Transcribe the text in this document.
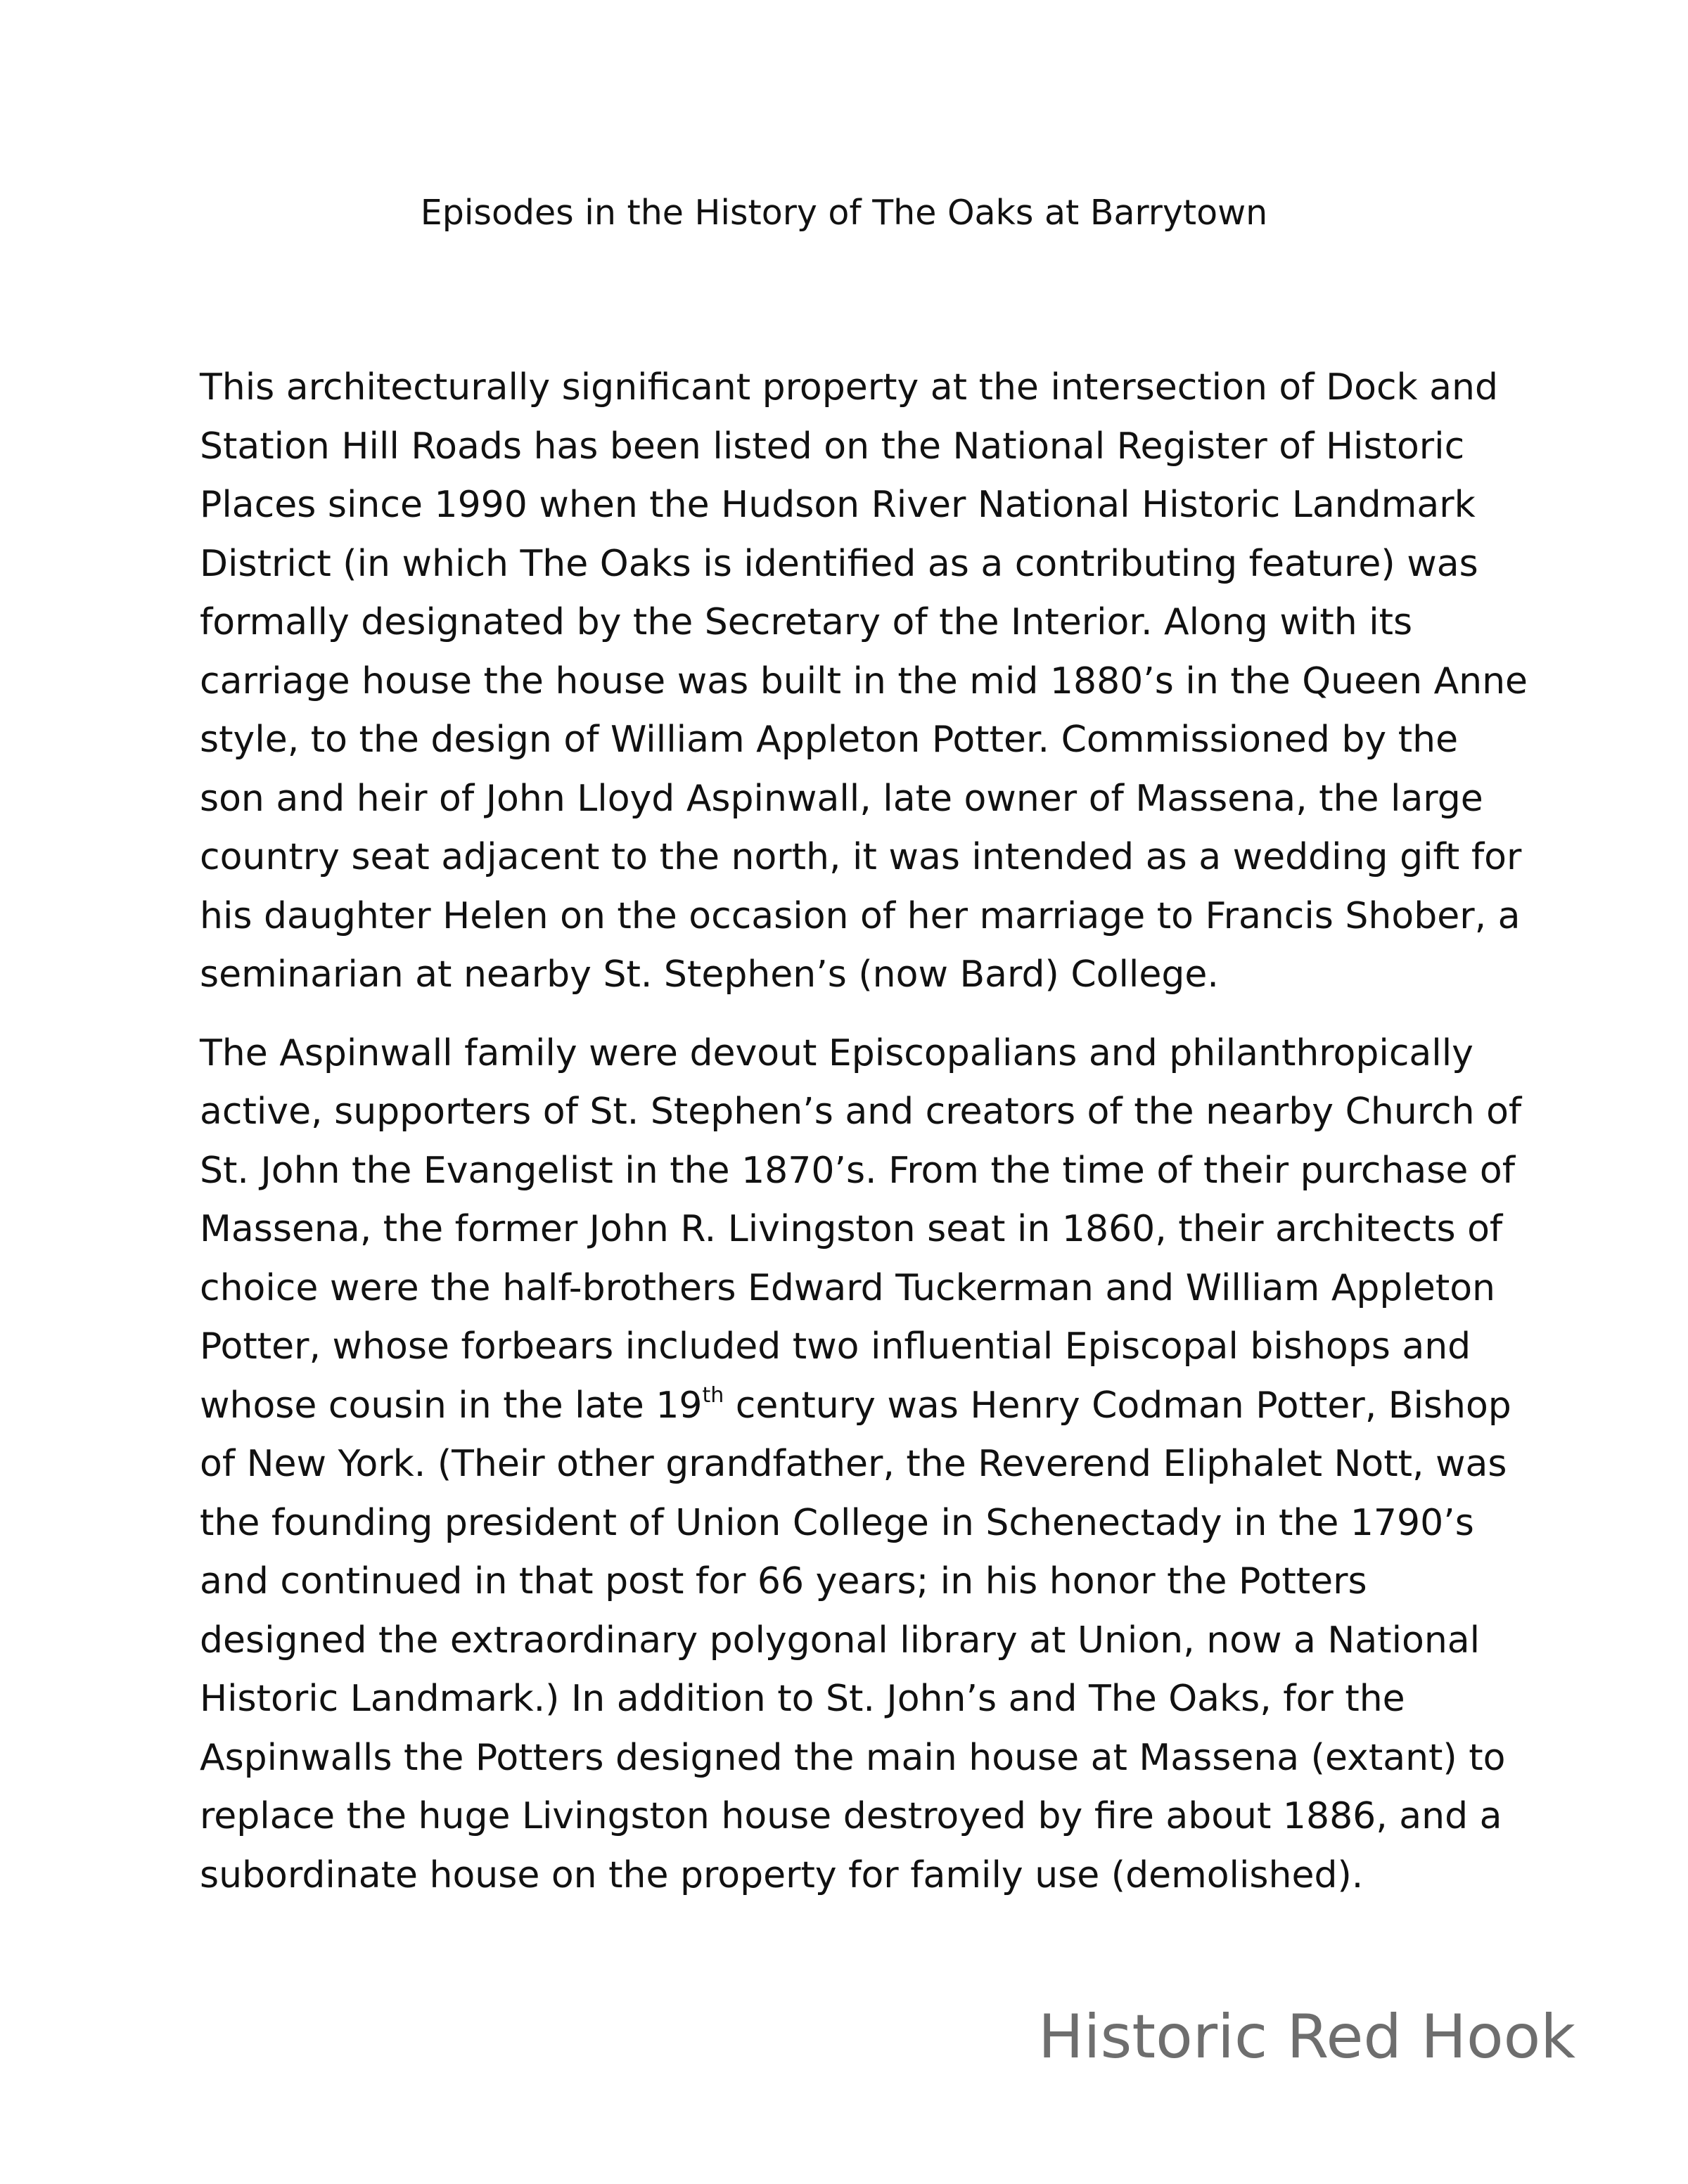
Episodes in the History of The Oaks at Barrytown
This architecturally significant property at the intersection of Dock and
Station Hill Roads has been listed on the National Register of Historic
Places since 1990 when the Hudson River National Historic Landmark
District (in which The Oaks is identified as a contributing feature) was
formally designated by the Secretary of the Interior. Along with its
carriage house the house was built in the mid 1880’s in the Queen Anne
style, to the design of William Appleton Potter. Commissioned by the
son and heir of John Lloyd Aspinwall, late owner of Massena, the large
country seat adjacent to the north, it was intended as a wedding gift for
his daughter Helen on the occasion of her marriage to Francis Shober, a
seminarian at nearby St. Stephen’s (now Bard) College.
The Aspinwall family were devout Episcopalians and philanthropically
active, supporters of St. Stephen’s and creators of the nearby Church of
St. John the Evangelist in the 1870’s. From the time of their purchase of
Massena, the former John R. Livingston seat in 1860, their architects of
choice were the half-brothers Edward Tuckerman and William Appleton
Potter, whose forbears included two influential Episcopal bishops and
whose cousin in the late 19th century was Henry Codman Potter, Bishop
of New York. (Their other grandfather, the Reverend Eliphalet Nott, was
the founding president of Union College in Schenectady in the 1790’s
and continued in that post for 66 years; in his honor the Potters
designed the extraordinary polygonal library at Union, now a National
Historic Landmark.) In addition to St. John’s and The Oaks, for the
Aspinwalls the Potters designed the main house at Massena (extant) to
replace the huge Livingston house destroyed by fire about 1886, and a
subordinate house on the property for family use (demolished).
Historic Red Hook
